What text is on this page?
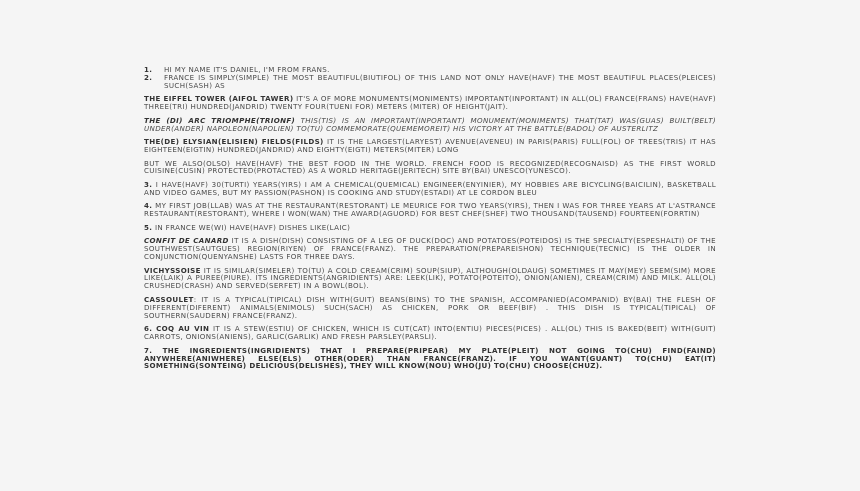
1.	HI MY NAME IT'S DANIEL, I'M FROM FRANS.
2.	FRANCE IS SIMPLY(SIMPLE) THE MOST BEAUTIFUL(BIUTIFOL) OF THIS LAND NOT ONLY HAVE(HAVF) THE MOST BEAUTIFUL PLACES(PLEICES) SUCH(SASH) AS
THE EIFFEL TOWER (AIFOL TAWER) IT'S A OF MORE MONUMENTS(MONIMENTS) IMPORTANT(INPORTANT) IN ALL(OL) FRANCE(FRANS) HAVE(HAVF) THREE(TRI) HUNDRED(JANDRID) TWENTY FOUR(TUENI FOR) METERS (MITER) OF HEIGHT(JAIT).
THE (DI) ARC TRIOMPHE(TRIONF) THIS(TIS) IS AN IMPORTANT(INPORTANT) MONUMENT(MONIMENTS) THAT(TAT) WAS(GUAS) BUILT(BELT) UNDER(ANDER) NAPOLEON(NAPOLIEN) TO(TU) COMMEMORATE(QUEMEMOREIT) HIS VICTORY AT THE BATTLE(BADOL) OF AUSTERLITZ
THE(DE) ELYSIAN(ELISIEN) FIELDS(FILDS) IT IS THE LARGEST(LARYEST) AVENUE(AVENEU) IN PARIS(PARIS) FULL(FOL) OF TREES(TRIS) IT HAS EIGHTEEN(EIGTIN) HUNDRED(JANDRID) AND EIGHTY(EIGTI) METERS(MITER) LONG
BUT WE ALSO(OLSO) HAVE(HAVF) THE BEST FOOD IN THE WORLD. FRENCH FOOD IS RECOGNIZED(RECOGNAISD) AS THE FIRST WORLD CUISINE(CUSIN) PROTECTED(PROTACTED) AS A WORLD HERITAGE(JERITECH) SITE BY(BAI) UNESCO(YUNESCO).
3. I HAVE(HAVF) 30(TURTI) YEARS(YIRS) I AM A CHEMICAL(QUEMICAL) ENGINEER(ENYINIER), MY HOBBIES ARE BICYCLING(BAICILIN), BASKETBALL AND VIDEO GAMES, BUT MY PASSION(PASHON) IS COOKING AND STUDY(ESTADI) AT LE CORDON BLEU
4. MY FIRST JOB(LLAB) WAS AT THE RESTAURANT(RESTORANT) LE MEURICE FOR TWO YEARS(YIRS), THEN I WAS FOR THREE YEARS AT L'ASTRANCE RESTAURANT(RESTORANT), WHERE I WON(WAN) THE AWARD(AGUORD) FOR BEST CHEF(SHEF) TWO THOUSAND(TAUSEND) FOURTEEN(FORRTIN)
5. IN FRANCE WE(WI) HAVE(HAVF) DISHES LIKE(LAIC)
CONFIT DE CANARD IT IS A DISH(DISH) CONSISTING OF A LEG OF DUCK(DOC) AND POTATOES(POTEIDOS) IS THE SPECIALTY(ESPESHALTI) OF THE SOUTHWEST(SAUTGUES) REGION(RIYEN) OF FRANCE(FRANZ). THE PREPARATION(PREPAREISHON) TECHNIQUE(TECNIC) IS THE OLDER IN CONJUNCTION(QUENYANSHE) LASTS FOR THREE DAYS.
VICHYSSOISE IT IS SIMILAR(SIMELER) TO(TU) A COLD CREAM(CRIM) SOUP(SIUP), ALTHOUGH(OLDAUG) SOMETIMES IT MAY(MEY) SEEM(SIM) MORE LIKE(LAIK) A PUREE(PIURE). ITS INGREDIENTS(ANGRIDIENTS) ARE: LEEK(LIK), POTATO(POTEITO), ONION(ANIEN), CREAM(CRIM) AND MILK. ALL(OL) CRUSHED(CRASH) AND SERVED(SERFET) IN A BOWL(BOL).
CASSOULET: IT IS A TYPICAL(TIPICAL) DISH WITH(GUIT) BEANS(BINS) TO THE SPANISH, ACCOMPANIED(ACOMPANID) BY(BAI) THE FLESH OF DIFFERENT(DIFERENT) ANIMALS(ENIMOLS) SUCH(SACH) AS CHICKEN, PORK OR BEEF(BIF) . THIS DISH IS TYPICAL(TIPICAL) OF SOUTHERN(SAUDERN) FRANCE(FRANZ).
6. COQ AU VIN IT IS A STEW(ESTIU) OF CHICKEN, WHICH IS CUT(CAT) INTO(ENTIU) PIECES(PICES) . ALL(OL) THIS IS BAKED(BEIT) WITH(GUIT) CARROTS, ONIONS(ANIENS), GARLIC(GARLIK) AND FRESH PARSLEY(PARSLI).
7. THE INGREDIENTS(INGRIDIENTS) THAT I PREPARE(PRIPEAR) MY PLATE(PLEIT) NOT GOING TO(CHU) FIND(FAIND) ANYWHERE(ANIWHERE) ELSE(ELS) OTHER(ODER) THAN FRANCE(FRANZ). IF YOU WANT(GUANT) TO(CHU) EAT(IT) SOMETHING(SONTEING) DELICIOUS(DELISHES), THEY WILL KNOW(NOU) WHO(JU) TO(CHU) CHOOSE(CHUZ).
